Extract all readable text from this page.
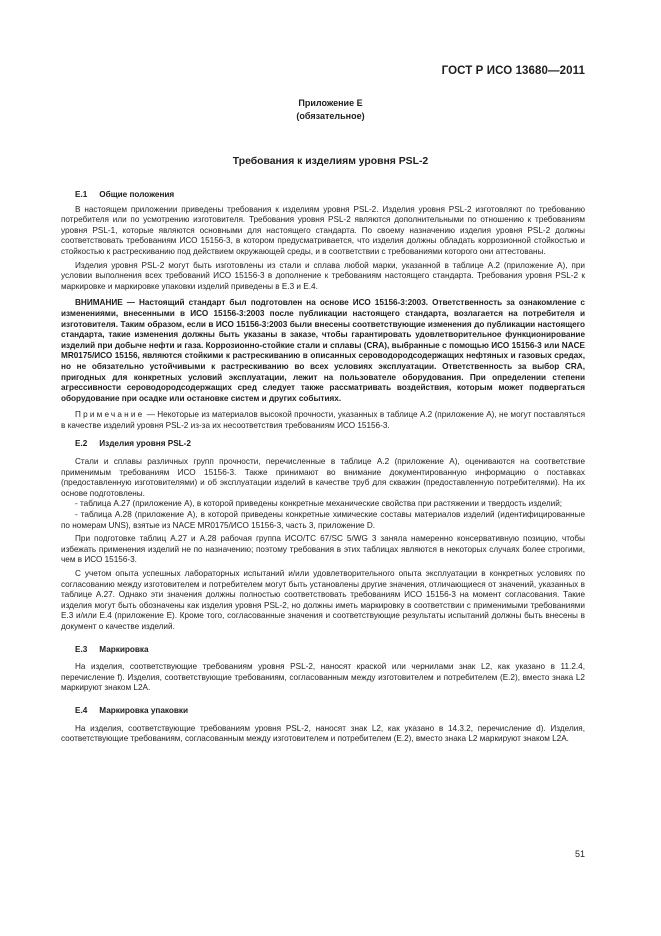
ГОСТ Р ИСО 13680—2011
Приложение Е
(обязательное)
Требования к изделиям уровня PSL-2
Е.1 Общие положения

В настоящем приложении приведены требования к изделиям уровня PSL-2. Изделия уровня PSL-2 изготовляют по требованию потребителя или по усмотрению изготовителя. Требования уровня PSL-2 являются дополнительными по отношению к требованиям уровня PSL-1, которые являются основными для настоящего стандарта. По своему назначению изделия уровня PSL-2 должны соответствовать требованиям ИСО 15156-3, в котором предусматривается, что изделия должны обладать коррозионной стойкостью и стойкостью к растрескиванию под действием окружающей среды, и в соответствии с требованиями которого они аттестованы.

Изделия уровня PSL-2 могут быть изготовлены из стали и сплава любой марки, указанной в таблице А.2 (приложение А), при условии выполнения всех требований ИСО 15156-3 в дополнение к требованиям настоящего стандарта. Требования уровня PSL-2 к маркировке и маркировке упаковки изделий приведены в Е.3 и Е.4.

ВНИМАНИЕ — Настоящий стандарт был подготовлен на основе ИСО 15156-3:2003. Ответственность за ознакомление с изменениями, внесенными в ИСО 15156-3:2003 после публикации настоящего стандарта, возлагается на потребителя и изготовителя. Таким образом, если в ИСО 15156-3:2003 были внесены соответствующие изменения до публикации настоящего стандарта, такие изменения должны быть указаны в заказе, чтобы гарантировать удовлетворительное функционирование изделий при добыче нефти и газа. Коррозионно-стойкие стали и сплавы (CRA), выбранные с помощью ИСО 15156-3 или NACE MR0175/ИСО 15156, являются стойкими к растрескиванию в описанных сероводородсодержащих нефтяных и газовых средах, но не обязательно устойчивыми к растрескиванию во всех условиях эксплуатации. Ответственность за выбор CRA, пригодных для конкретных условий эксплуатации, лежит на пользователе оборудования. При определении степени агрессивности сероводородсодержащих сред следует также рассматривать воздействия, которым может подвергаться оборудование при осадке или остановке систем и других событиях.

Примечание — Некоторые из материалов высокой прочности, указанных в таблице А.2 (приложение А), не могут поставляться в качестве изделий уровня PSL-2 из-за их несоответствия требованиям ИСО 15156-3.

Е.2 Изделия уровня PSL-2

Стали и сплавы различных групп прочности, перечисленные в таблице А.2 (приложение А), оцениваются на соответствие применимым требованиям ИСО 15156-3. Также принимают во внимание документированную информацию о поставках (предоставленную изготовителями) и об эксплуатации изделий в качестве труб для скважин (предоставленную потребителями). На их основе подготовлены.

- таблица А.27 (приложение А), в которой приведены конкретные механические свойства при растяжении и твердость изделий;

- таблица А.28 (приложение А), в которой приведены конкретные химические составы материалов изделий (идентифицированные по номерам UNS), взятые из NACE MR0175/ИСО 15156-3, часть 3, приложение D.

При подготовке таблиц А.27 и А.28 рабочая группа ИСО/ТС 67/SC 5/WG 3 заняла намеренно консервативную позицию, чтобы избежать применения изделий не по назначению; поэтому требования в этих таблицах являются в некоторых случаях более строгими, чем в ИСО 15156-3.

С учетом опыта успешных лабораторных испытаний и/или удовлетворительного опыта эксплуатации в конкретных условиях по согласованию между изготовителем и потребителем могут быть установлены другие значения, отличающиеся от значений, указанных в таблице А.27. Однако эти значения должны полностью соответствовать требованиям ИСО 15156-3 на момент согласования. Такие изделия могут быть обозначены как изделия уровня PSL-2, но должны иметь маркировку в соответствии с применимыми требованиями Е.3 и/или Е.4 (приложение Е). Кроме того, согласованные значения и соответствующие результаты испытаний должны быть внесены в документ о качестве изделий.

Е.3 Маркировка

На изделия, соответствующие требованиям уровня PSL-2, наносят краской или чернилами знак L2, как указано в 11.2.4, перечисление f). Изделия, соответствующие требованиям, согласованным между изготовителем и потребителем (Е.2), вместо знака L2 маркируют знаком L2A.

Е.4 Маркировка упаковки

На изделия, соответствующие требованиям уровня PSL-2, наносят знак L2, как указано в 14.3.2, перечисление d). Изделия, соответствующие требованиям, согласованным между изготовителем и потребителем (Е.2), вместо знака L2 маркируют знаком L2A.

51
